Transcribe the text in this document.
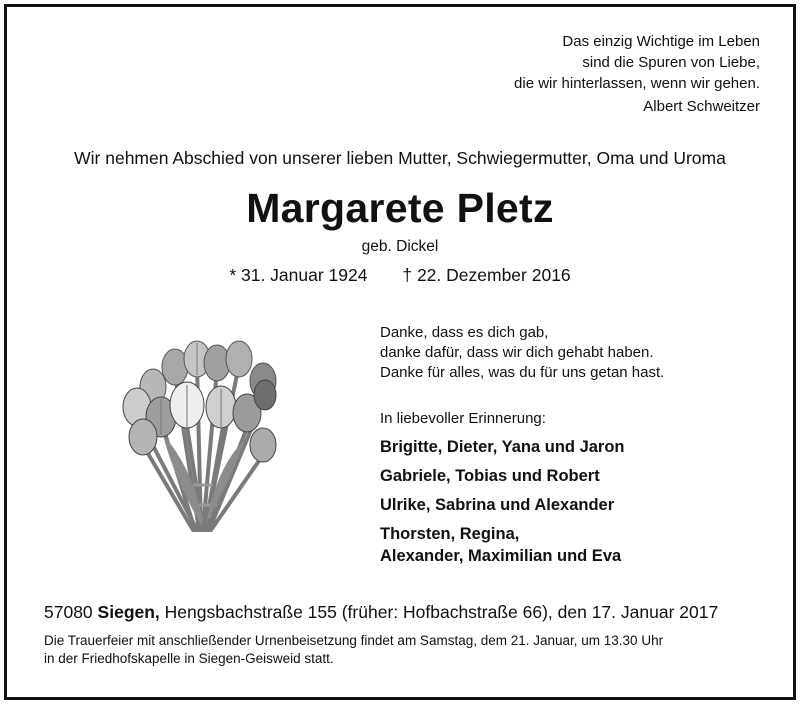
Das einzig Wichtige im Leben
sind die Spuren von Liebe,
die wir hinterlassen, wenn wir gehen.
Albert Schweitzer
Wir nehmen Abschied von unserer lieben Mutter, Schwiegermutter, Oma und Uroma
Margarete Pletz
geb. Dickel
* 31. Januar 1924 † 22. Dezember 2016
Danke, dass es dich gab,
danke dafür, dass wir dich gehabt haben.
Danke für alles, was du für uns getan hast.
In liebevoller Erinnerung:
Brigitte, Dieter, Yana und Jaron
Gabriele, Tobias und Robert
Ulrike, Sabrina und Alexander
Thorsten, Regina,
Alexander, Maximilian und Eva
57080 Siegen, Hengsbachstraße 155 (früher: Hofbachstraße 66), den 17. Januar 2017
Die Trauerfeier mit anschließender Urnenbeisetzung findet am Samstag, dem 21. Januar, um 13.30 Uhr
in der Friedhofskapelle in Siegen-Geisweid statt.
